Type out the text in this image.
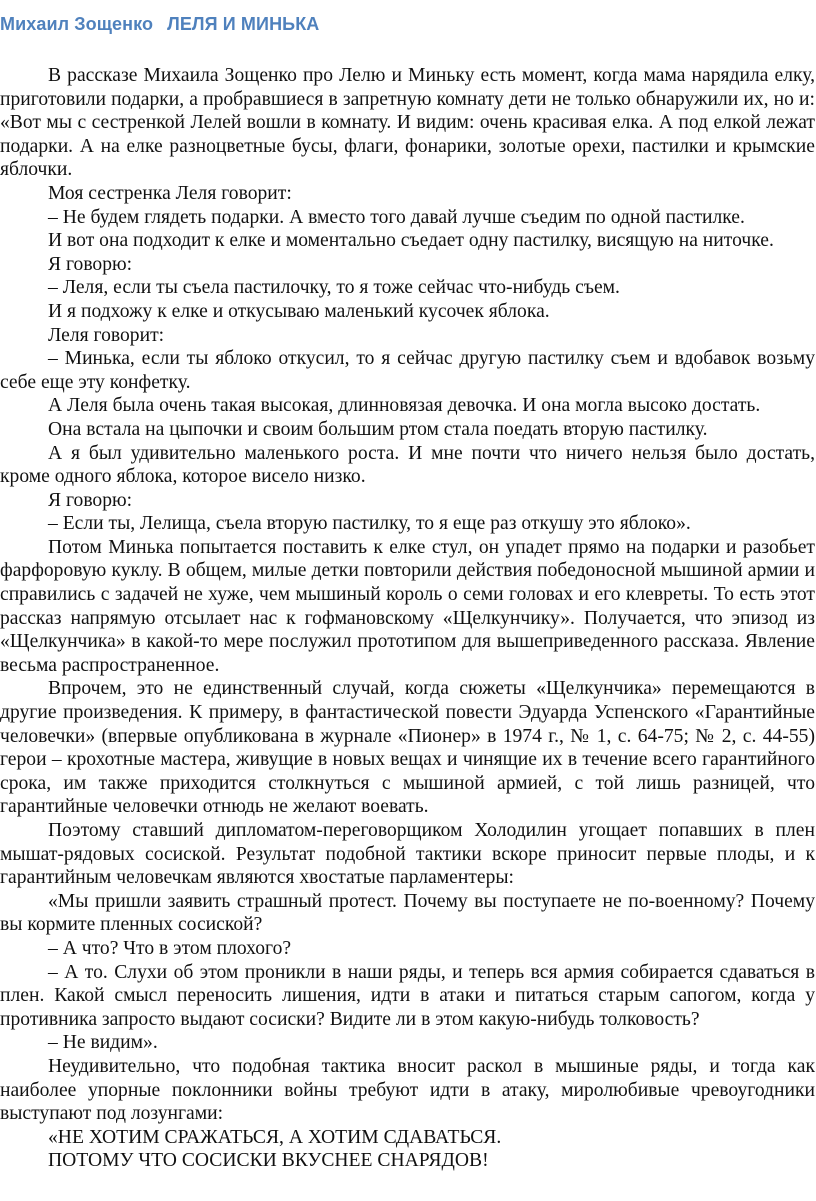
Михаил Зощенко ЛЕЛЯ И МИНЬКА

В рассказе Михаила Зощенко про Лелю и Миньку есть момент, когда мама нарядила елку, приготовили подарки, а пробравшиеся в запретную комнату дети не только обнаружили их, но и: «Вот мы с сестренкой Лелей вошли в комнату. И видим: очень красивая елка. А под елкой лежат подарки. А на елке разноцветные бусы, флаги, фонарики, золотые орехи, пастилки и крымские яблочки.

Моя сестренка Леля говорит:

– Не будем глядеть подарки. А вместо того давай лучше съедим по одной пастилке.

И вот она подходит к елке и моментально съедает одну пастилку, висящую на ниточке.

Я говорю:

– Леля, если ты съела пастилочку, то я тоже сейчас что-нибудь съем.

И я подхожу к елке и откусываю маленький кусочек яблока.

Леля говорит:

– Минька, если ты яблоко откусил, то я сейчас другую пастилку съем и вдобавок возьму себе еще эту конфетку.

А Леля была очень такая высокая, длинновязая девочка. И она могла высоко достать.

Она встала на цыпочки и своим большим ртом стала поедать вторую пастилку.

А я был удивительно маленького роста. И мне почти что ничего нельзя было достать, кроме одного яблока, которое висело низко.

Я говорю:

– Если ты, Лелища, съела вторую пастилку, то я еще раз откушу это яблоко».

Потом Минька попытается поставить к елке стул, он упадет прямо на подарки и разобьет фарфоровую куклу. В общем, милые детки повторили действия победоносной мышиной армии и справились с задачей не хуже, чем мышиный король о семи головах и его клевреты. То есть этот рассказ напрямую отсылает нас к гофмановскому «Щелкунчику». Получается, что эпизод из «Щелкунчика» в какой-то мере послужил прототипом для вышеприведенного рассказа. Явление весьма распространенное.

Впрочем, это не единственный случай, когда сюжеты «Щелкунчика» перемещаются в другие произведения. К примеру, в фантастической повести Эдуарда Успенского «Гарантийные человечки» (впервые опубликована в журнале «Пионер» в 1974 г., № 1, с. 64-75; № 2, с. 44-55) герои – крохотные мастера, живущие в новых вещах и чинящие их в течение всего гарантийного срока, им также приходится столкнуться с мышиной армией, с той лишь разницей, что гарантийные человечки отнюдь не желают воевать.

Поэтому ставший дипломатом-переговорщиком Холодилин угощает попавших в плен мышат-рядовых сосиской. Результат подобной тактики вскоре приносит первые плоды, и к гарантийным человечкам являются хвостатые парламентеры:

«Мы пришли заявить страшный протест. Почему вы поступаете не по-военному? Почему вы кормите пленных сосиской?

– А что? Что в этом плохого?

– А то. Слухи об этом проникли в наши ряды, и теперь вся армия собирается сдаваться в плен. Какой смысл переносить лишения, идти в атаки и питаться старым сапогом, когда у противника запросто выдают сосиски? Видите ли в этом какую-нибудь толковость?

– Не видим».

Неудивительно, что подобная тактика вносит раскол в мышиные ряды, и тогда как наиболее упорные поклонники войны требуют идти в атаку, миролюбивые чревоугодники выступают под лозунгами:

«НЕ ХОТИМ СРАЖАТЬСЯ, А ХОТИМ СДАВАТЬСЯ.

ПОТОМУ ЧТО СОСИСКИ ВКУСНЕЕ СНАРЯДОВ!
